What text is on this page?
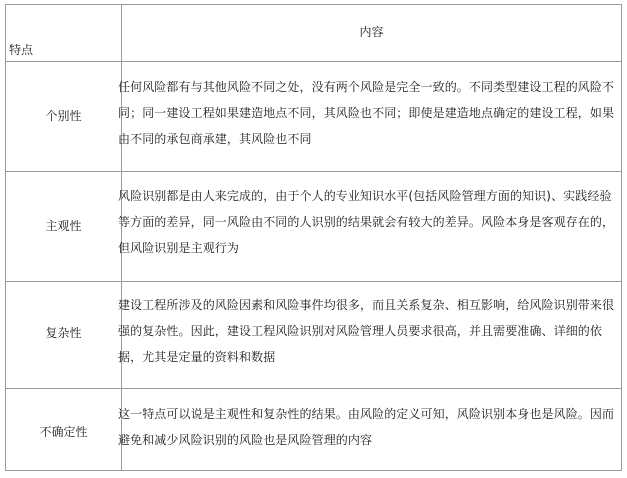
特点
内容
个别性
任何风险都有与其他风险不同之处，没有两个风险是完全一致的。不同类型建设工程的风险不同；同一建设工程如果建造地点不同，其风险也不同；即使是建造地点确定的建设工程，如果由不同的承包商承建，其风险也不同
主观性
风险识别都是由人来完成的，由于个人的专业知识水平(包括风险管理方面的知识)、实践经验等方面的差异，同一风险由不同的人识别的结果就会有较大的差异。风险本身是客观存在的，但风险识别是主观行为
复杂性
建设工程所涉及的风险因素和风险事件均很多，而且关系复杂、相互影响，给风险识别带来很强的复杂性。因此，建设工程风险识别对风险管理人员要求很高，并且需要准确、详细的依据，尤其是定量的资料和数据
不确定性
这一特点可以说是主观性和复杂性的结果。由风险的定义可知，风险识别本身也是风险。因而避免和减少风险识别的风险也是风险管理的内容
